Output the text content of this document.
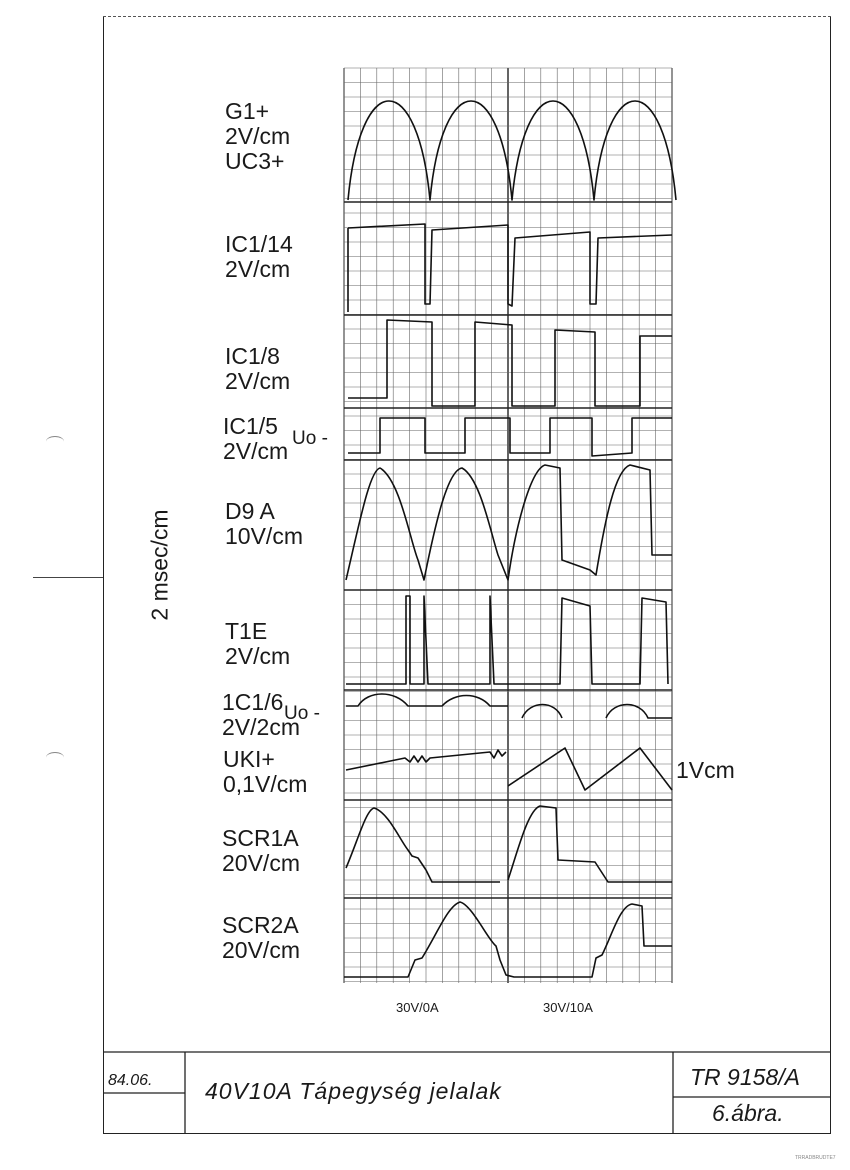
G1+
2V/cm
UC3+
IC1/14
2V/cm
IC1/8
2V/cm
IC1/5
2V/cm Uo -
D9 A
10V/cm
T1E
2V/cm
1C1/6
2V/2cm
Uo -
UKI+
0,1V/cm
SCR1A
20V/cm
SCR2A
20V/cm
2 msec/cm
1Vcm
30V/0A	30V/10A
84.06. 40V10A Tápegység jelalak
TR 9158/A
6.ábra.
TRRADBRUDTE7
